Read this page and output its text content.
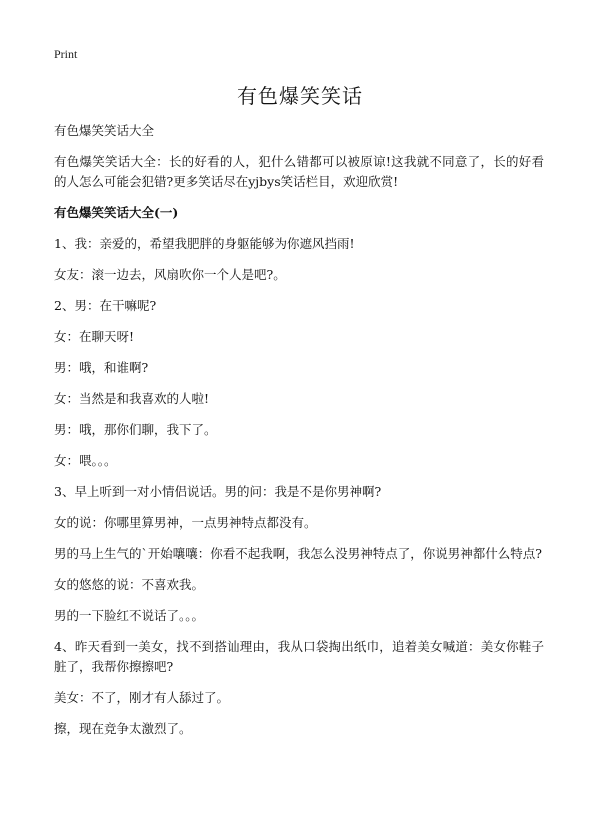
Print
有色爆笑笑话

有色爆笑笑话大全

有色爆笑笑话大全：长的好看的人，犯什么错都可以被原谅!这我就不同意了，长的好看的人怎么可能会犯错?更多笑话尽在yjbys笑话栏目，欢迎欣赏!

有色爆笑笑话大全(一)

1、我：亲爱的，希望我肥胖的身躯能够为你遮风挡雨!

女友：滚一边去，风扇吹你一个人是吧?。

2、男：在干嘛呢?

女：在聊天呀!

男：哦，和谁啊?

女：当然是和我喜欢的人啦!

男：哦，那你们聊，我下了。

女：喂。。。

3、早上听到一对小情侣说话。男的问：我是不是你男神啊?

女的说：你哪里算男神，一点男神特点都没有。

男的马上生气的`开始嚷嚷：你看不起我啊，我怎么没男神特点了，你说男神都什么特点?

女的悠悠的说：不喜欢我。

男的一下脸红不说话了。。。

4、昨天看到一美女，找不到搭讪理由，我从口袋掏出纸巾，追着美女喊道：美女你鞋子脏了，我帮你擦擦吧?

美女：不了，刚才有人舔过了。

擦，现在竞争太激烈了。
